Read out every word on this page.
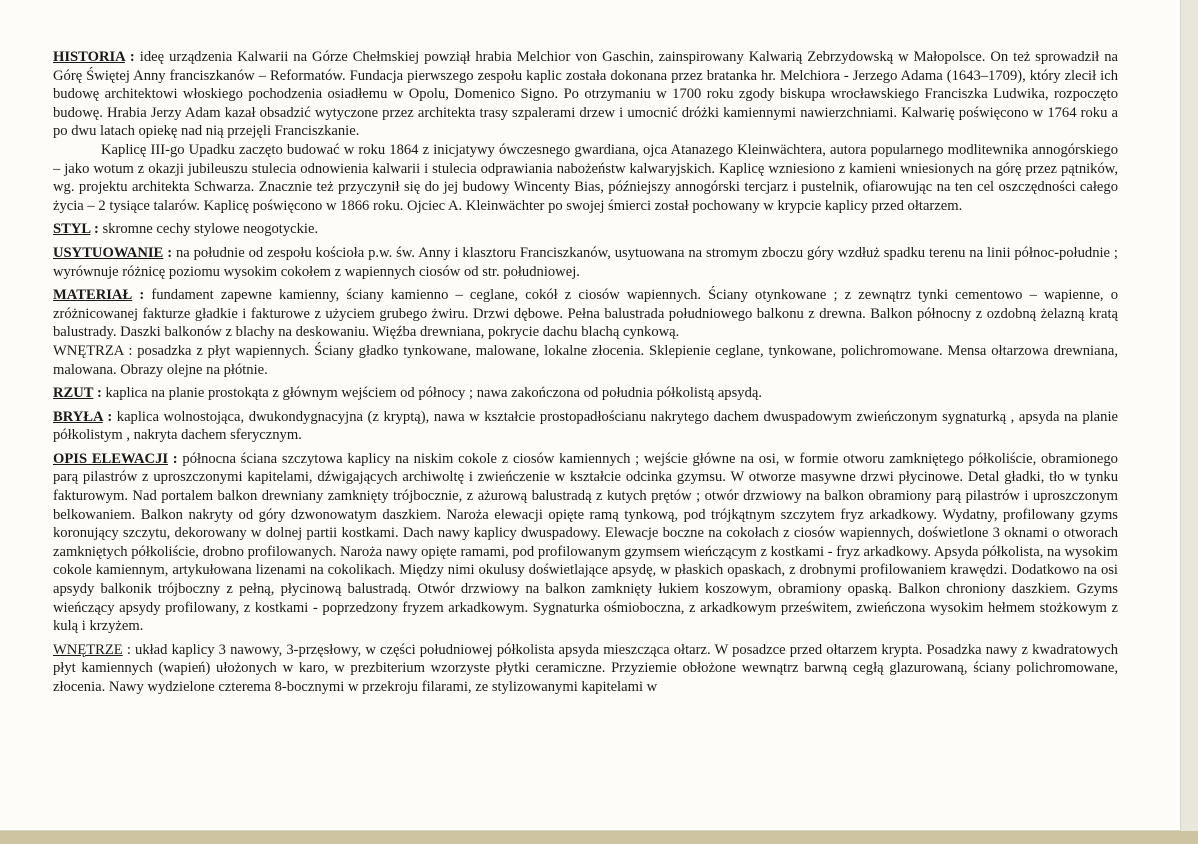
HISTORIA : ideę urządzenia Kalwarii na Górze Chełmskiej powziął hrabia Melchior von Gaschin, zainspirowany Kalwarią Zebrzydowską w Małopolsce. On też sprowadził na Górę Świętej Anny franciszkanów – Reformatów. Fundacja pierwszego zespołu kaplic została dokonana przez bratanka hr. Melchiora - Jerzego Adama (1643–1709), który zlecił ich budowę architektowi włoskiego pochodzenia osiadłemu w Opolu, Domenico Signo. Po otrzymaniu w 1700 roku zgody biskupa wrocławskiego Franciszka Ludwika, rozpoczęto budowę. Hrabia Jerzy Adam kazał obsadzić wytyczone przez architekta trasy szpalerami drzew i umocnić dróżki kamiennymi nawierzchniami. Kalwarię poświęcono w 1764 roku a po dwu latach opiekę nad nią przejęli Franciszkanie.

Kaplicę III-go Upadku zaczęto budować w roku 1864 z inicjatywy ówczesnego gwardiana, ojca Atanazego Kleinwächtera, autora popularnego modlitewnika annogórskiego – jako wotum z okazji jubileuszu stulecia odnowienia kalwarii i stulecia odprawiania nabożeństw kalwaryjskich. Kaplicę wzniesiono z kamieni wniesionych na górę przez pątników, wg. projektu architekta Schwarza. Znacznie też przyczynił się do jej budowy Wincenty Bias, późniejszy annogórski tercjarz i pustelnik, ofiarowując na ten cel oszczędności całego życia – 2 tysiące talarów. Kaplicę poświęcono w 1866 roku. Ojciec A. Kleinwächter po swojej śmierci został pochowany w krypcie kaplicy przed ołtarzem.

STYL : skromne cechy stylowe neogotyckie.

USYTUOWANIE : na południe od zespołu kościoła p.w. św. Anny i klasztoru Franciszkanów, usytuowana na stromym zboczu góry wzdłuż spadku terenu na linii północ-południe ; wyrównuje różnicę poziomu wysokim cokołem z wapiennych ciosów od str. południowej.

MATERIAŁ : fundament zapewne kamienny, ściany kamienno – ceglane, cokół z ciosów wapiennych. Ściany otynkowane ; z zewnątrz tynki cementowo – wapienne, o zróżnicowanej fakturze gładkie i fakturowe z użyciem grubego żwiru. Drzwi dębowe. Pełna balustrada południowego balkonu z drewna. Balkon północny z ozdobną żelazną kratą balustrady. Daszki balkonów z blachy na deskowaniu. Więźba drewniana, pokrycie dachu blachą cynkową.

WNĘTRZA : posadzka z płyt wapiennych. Ściany gładko tynkowane, malowane, lokalne złocenia. Sklepienie ceglane, tynkowane, polichromowane. Mensa ołtarzowa drewniana, malowana. Obrazy olejne na płótnie.

RZUT : kaplica na planie prostokąta z głównym wejściem od północy ; nawa zakończona od południa półkolistą apsydą.

BRYŁA : kaplica wolnostojąca, dwukondygnacyjna (z kryptą), nawa w kształcie prostopadłościanu nakrytego dachem dwuspadowym zwieńczonym sygnaturką , apsyda na planie półkolistym , nakryta dachem sferycznym.

OPIS ELEWACJI : północna ściana szczytowa kaplicy na niskim cokole z ciosów kamiennych ; wejście główne na osi, w formie otworu zamkniętego półkoliście, obramionego parą pilastrów z uproszczonymi kapitelami, dźwigających archiwoltę i zwieńczenie w kształcie odcinka gzymsu. W otworze masywne drzwi płycinowe. Detal gładki, tło w tynku fakturowym. Nad portalem balkon drewniany zamknięty trójbocznie, z ażurową balustradą z kutych prętów ; otwór drzwiowy na balkon obramiony parą pilastrów i uproszczonym belkowaniem. Balkon nakryty od góry dzwonowatym daszkiem. Naroża elewacji opięte ramą tynkową, pod trójkątnym szczytem fryz arkadkowy. Wydatny, profilowany gzyms koronujący szczytu, dekorowany w dolnej partii kostkami. Dach nawy kaplicy dwuspadowy. Elewacje boczne na cokołach z ciosów wapiennych, doświetlone 3 oknami o otworach zamkniętych półkoliście, drobno profilowanych. Naroża nawy opięte ramami, pod profilowanym gzymsem wieńczącym z kostkami - fryz arkadkowy. Apsyda półkolista, na wysokim cokole kamiennym, artykułowana lizenami na cokolikach. Między nimi okulusy doświetlające apsydę, w płaskich opaskach, z drobnymi profilowaniem krawędzi. Dodatkowo na osi apsydy balkonik trójboczny z pełną, płycinową balustradą. Otwór drzwiowy na balkon zamknięty łukiem koszowym, obramiony opaską. Balkon chroniony daszkiem. Gzyms wieńczący apsydy profilowany, z kostkami - poprzedzony fryzem arkadkowym. Sygnaturka ośmioboczna, z arkadkowym prześwitem, zwieńczona wysokim hełmem stożkowym z kulą i krzyżem.

WNĘTRZE : układ kaplicy 3 nawowy, 3-przęsłowy, w części południowej półkolista apsyda mieszcząca ołtarz. W posadzce przed ołtarzem krypta. Posadzka nawy z kwadratowych płyt kamiennych (wapień) ułożonych w karo, w prezbiterium wzorzyste płytki ceramiczne. Przyziemie obłożone wewnątrz barwną cegłą glazurowaną, ściany polichromowane, złocenia. Nawy wydzielone czterema 8-bocznymi w przekroju filarami, ze stylizowanymi kapitelami w
